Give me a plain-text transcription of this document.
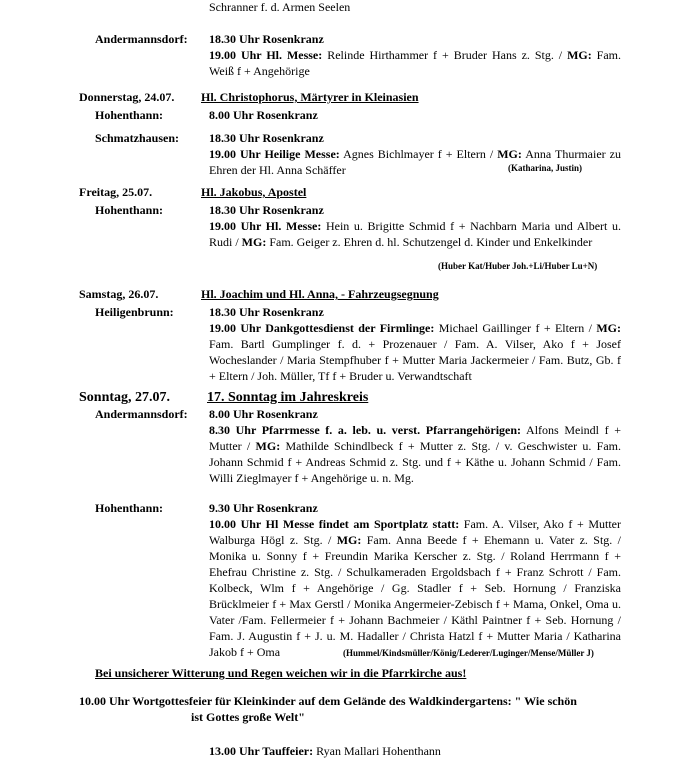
Schranner f. d. Armen Seelen
Andermannsdorf: 18.30 Uhr Rosenkranz
19.00 Uhr Hl. Messe: Relinde Hirthammer f + Bruder Hans z. Stg. / MG: Fam. Weiß f + Angehörige
Donnerstag, 24.07. Hl. Christophorus, Märtyrer in Kleinasien
Hohenthann:	8.00 Uhr Rosenkranz
Schmatzhausen: 18.30 Uhr Rosenkranz
19.00 Uhr Heilige Messe: Agnes Bichlmayer f + Eltern / MG: Anna Thurmaier zu Ehren der Hl. Anna Schäffer	(Katharina, Justin)
Freitag, 25.07.	Hl. Jakobus, Apostel
Hohenthann:	18.30 Uhr Rosenkranz
19.00 Uhr Hl. Messe: Hein u. Brigitte Schmid f + Nachbarn Maria und Albert u. Rudi / MG: Fam. Geiger z. Ehren d. hl. Schutzengel d. Kinder und Enkelkinder
(Huber Kat/Huber Joh.+Li/Huber Lu+N)
Samstag, 26.07.	Hl. Joachim und Hl. Anna, - Fahrzeugsegnung
Heiligenbrunn:	18.30 Uhr Rosenkranz
19.00 Uhr Dankgottesdienst der Firmlinge: Michael Gaillinger f + Eltern / MG: Fam. Bartl Gumplinger f. d. + Prozenauer / Fam. A. Vilser, Ako f + Josef Wocheslander / Maria Stempfhuber f + Mutter Maria Jackermeier / Fam. Butz, Gb. f + Eltern / Joh. Müller, Tf f + Bruder u. Verwandtschaft
Sonntag, 27.07.	17. Sonntag im Jahreskreis
Andermannsdorf: 8.00 Uhr Rosenkranz
8.30 Uhr Pfarrmesse f. a. leb. u. verst. Pfarrangehörigen: Alfons Meindl f + Mutter / MG: Mathilde Schindlbeck f + Mutter z. Stg. / v. Geschwister u. Fam. Johann Schmid f + Andreas Schmid z. Stg. und f + Käthe u. Johann Schmid / Fam. Willi Zieglmayer f + Angehörige u. n. Mg.
Hohenthann:	9.30 Uhr Rosenkranz
10.00 Uhr Hl Messe findet am Sportplatz statt: Fam. A. Vilser, Ako f + Mutter Walburga Högl z. Stg. / MG: Fam. Anna Beede f + Ehemann u. Vater z. Stg. / Monika u. Sonny f + Freundin Marika Kerscher z. Stg. / Roland Herrmann f + Ehefrau Christine z. Stg. / Schulkameraden Ergoldsbach f + Franz Schrott / Fam. Kolbeck, Wlm f + Angehörige / Gg. Stadler f + Seb. Hornung / Franziska Brücklmeier f + Max Gerstl / Monika Angermeier-Zebisch f + Mama, Onkel, Oma u. Vater /Fam. Fellermeier f + Johann Bachmeier / Käthl Paintner f + Seb. Hornung / Fam. J. Augustin f + J. u. M. Hadaller / Christa Hatzl f + Mutter Maria / Katharina Jakob f + Oma	(Hummel/Kindsmüller/König/Lederer/Luginger/Mense/Müller J)
Bei unsicherer Witterung und Regen weichen wir in die Pfarrkirche aus!
10.00 Uhr Wortgottesfeier für Kleinkinder auf dem Gelände des Waldkindergartens: " Wie schön
ist Gottes große Welt"
13.00 Uhr Tauffeier: Ryan Mallari Hohenthann
